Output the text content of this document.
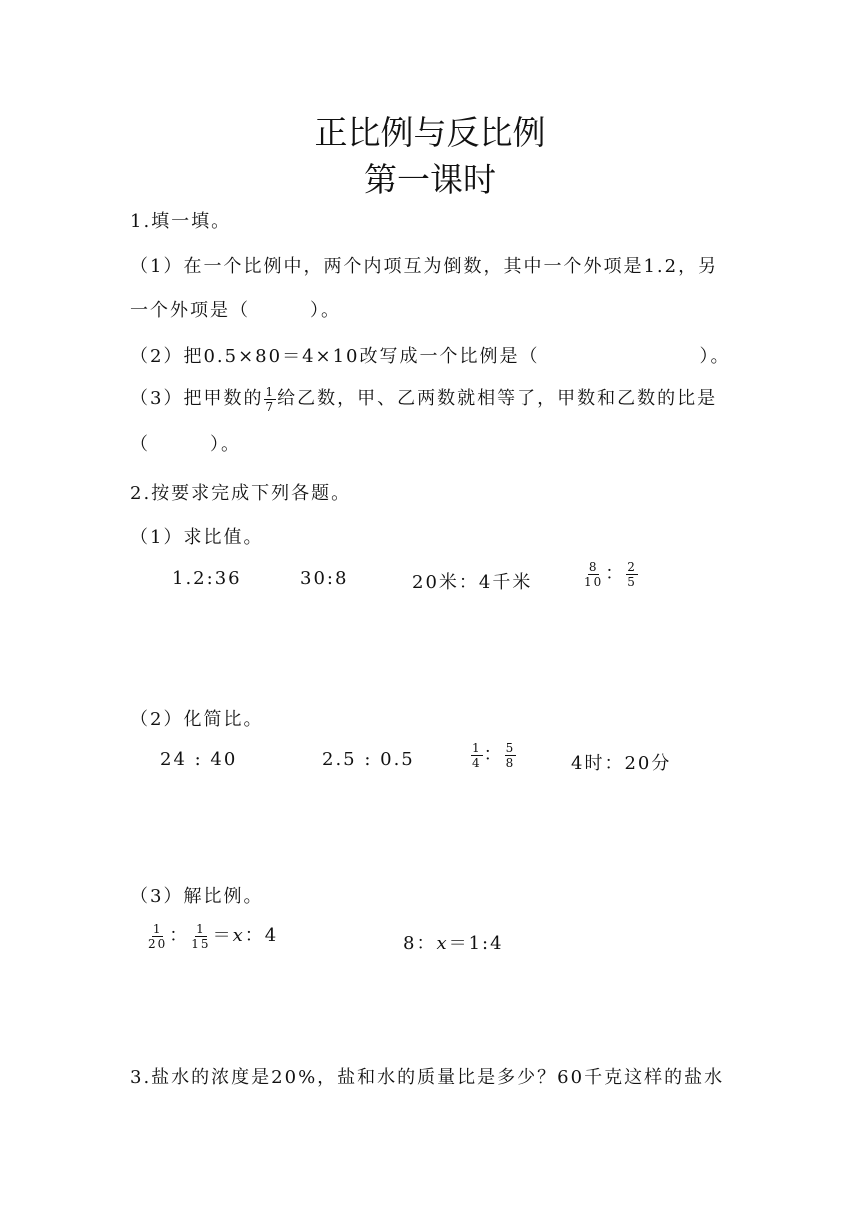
正比例与反比例
第一课时
1.填一填。
（1）在一个比例中，两个内项互为倒数，其中一个外项是1.2，另
一个外项是（　　　）。
（2）把0.5×80＝4×10改写成一个比例是（　　　　　　　　）。
（3）把甲数的 $\frac{1}{7}$ 给乙数，甲、乙两数就相等了，甲数和乙数的比是
（　　　）。
2.按要求完成下列各题。
（1）求比值。
1.2:36	30:8	20米：4千米	$\frac{8}{10}$ ： $\frac{2}{5}$
（2）化简比。
24 : 40	2.5 : 0.5	$\frac{1}{4}$ ： $\frac{5}{8}$	4时：20分
（3）解比例。
$\frac{1}{20}$ ： $\frac{1}{15} =x$：4	8：x＝1:4
3.盐水的浓度是20%，盐和水的质量比是多少？60千克这样的盐水
